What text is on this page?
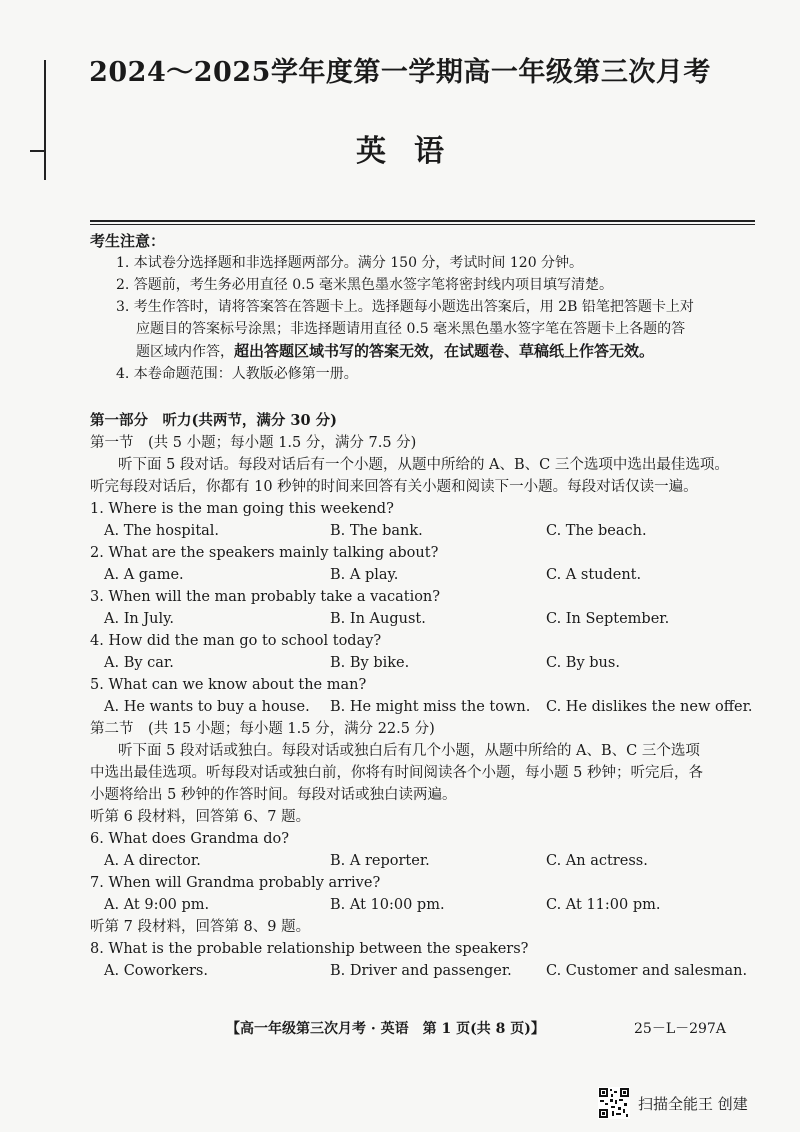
2024～2025学年度第一学期高一年级第三次月考
英语
考生注意：
1. 本试卷分选择题和非选择题两部分。满分 150 分，考试时间 120 分钟。
2. 答题前，考生务必用直径 0.5 毫米黑色墨水签字笔将密封线内项目填写清楚。
3. 考生作答时，请将答案答在答题卡上。选择题每小题选出答案后，用 2B 铅笔把答题卡上对
应题目的答案标号涂黑；非选择题请用直径 0.5 毫米黑色墨水签字笔在答题卡上各题的答
题区域内作答，超出答题区域书写的答案无效，在试题卷、草稿纸上作答无效。
4. 本卷命题范围：人教版必修第一册。
第一部分　听力(共两节，满分 30 分)
第一节　(共 5 小题；每小题 1.5 分，满分 7.5 分)
听下面 5 段对话。每段对话后有一个小题，从题中所给的 A、B、C 三个选项中选出最佳选项。
听完每段对话后，你都有 10 秒钟的时间来回答有关小题和阅读下一小题。每段对话仅读一遍。
1. Where is the man going this weekend?
A. The hospital.	B. The bank.	C. The beach.
2. What are the speakers mainly talking about?
A. A game.	B. A play.	C. A student.
3. When will the man probably take a vacation?
A. In July.	B. In August.	C. In September.
4. How did the man go to school today?
A. By car.	B. By bike.	C. By bus.
5. What can we know about the man?
A. He wants to buy a house. B. He might miss the town. C. He dislikes the new offer.
第二节　(共 15 小题；每小题 1.5 分，满分 22.5 分)
听下面 5 段对话或独白。每段对话或独白后有几个小题，从题中所给的 A、B、C 三个选项
中选出最佳选项。听每段对话或独白前，你将有时间阅读各个小题，每小题 5 秒钟；听完后，各
小题将给出 5 秒钟的作答时间。每段对话或独白读两遍。
听第 6 段材料，回答第 6、7 题。
6. What does Grandma do?
A. A director.	B. A reporter.	C. An actress.
7. When will Grandma probably arrive?
A. At 9:00 pm.	B. At 10:00 pm.	C. At 11:00 pm.
听第 7 段材料，回答第 8、9 题。
8. What is the probable relationship between the speakers?
A. Coworkers.	B. Driver and passenger. C. Customer and salesman.
【高一年级第三次月考 · 英语　第 1 页(共 8 页)】	25－L－297A
扫描全能王 创建
